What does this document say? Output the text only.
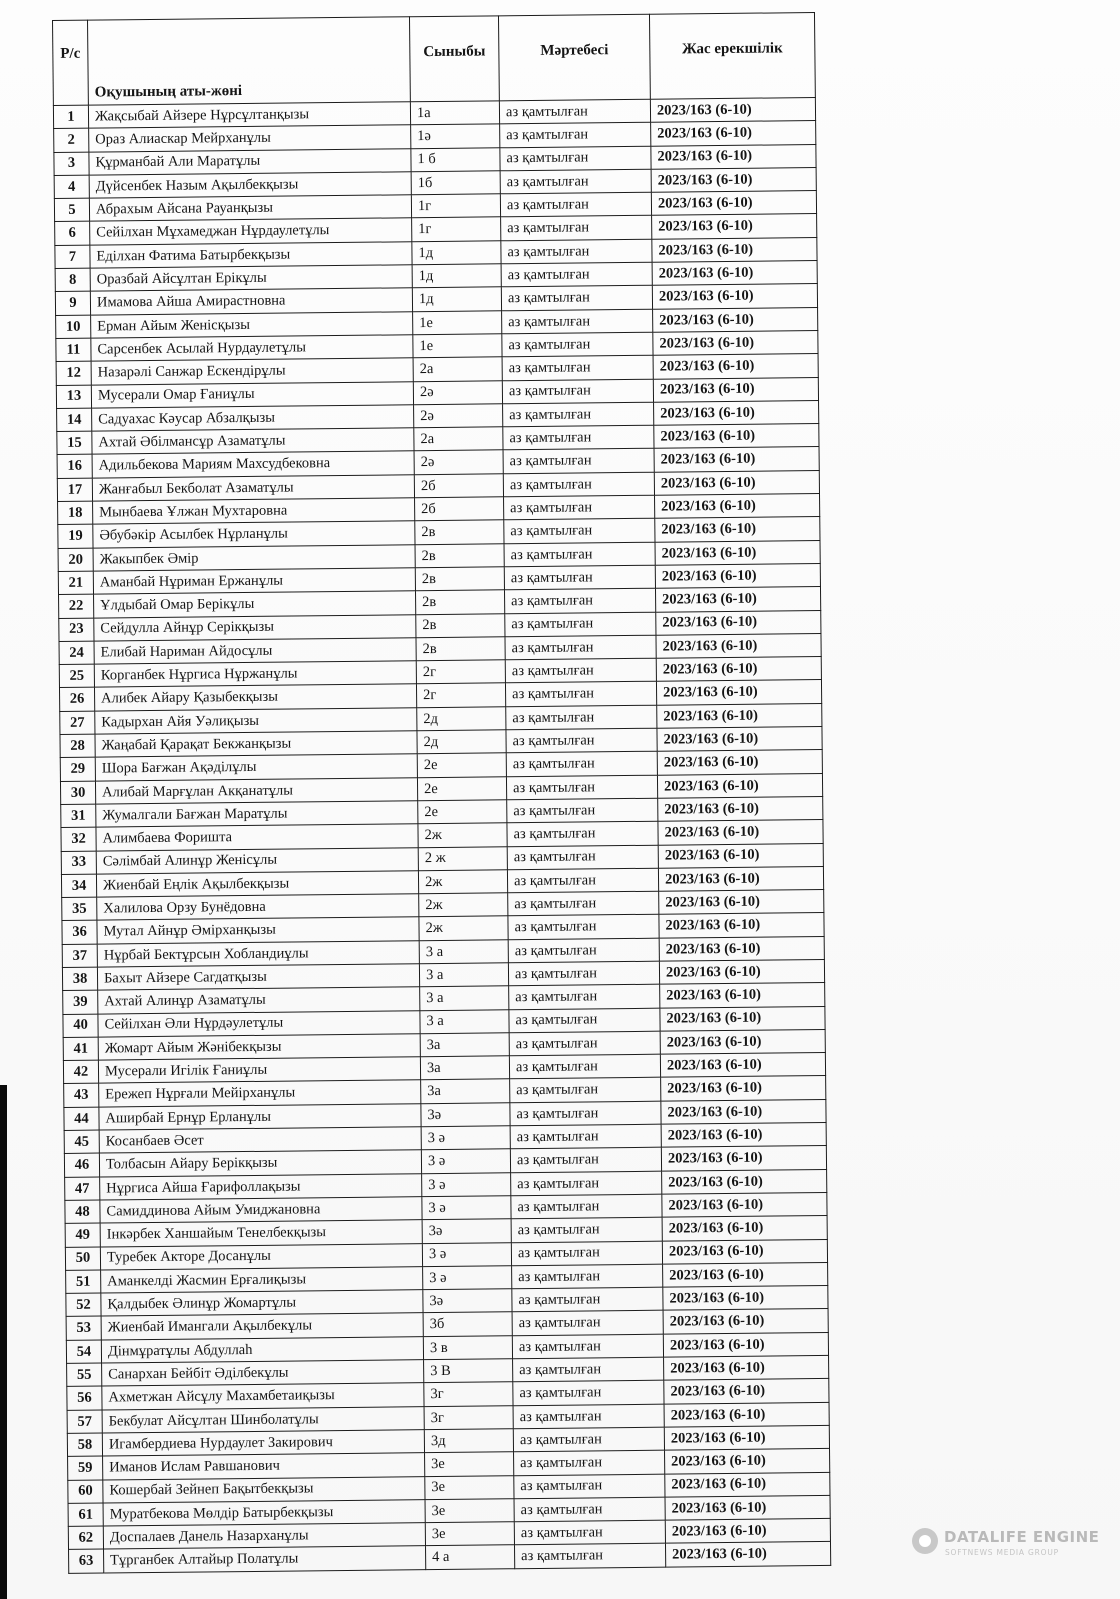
Р/с	Оқушының аты-жөні	Сыныбы	Мәртебесі	Жас ерекшілік
1	Жақсыбай Айзере Нұрсұлтанқызы	1а	аз қамтылған	2023/163 (6-10)
2	Ораз Алиаскар Мейрханұлы	1ә	аз қамтылған	2023/163 (6-10)
3	Құрманбай Али Маратұлы	1 б	аз қамтылған	2023/163 (6-10)
4	Дүйсенбек Назым Ақылбекқызы	1б	аз қамтылған	2023/163 (6-10)
5	Абрахым Айсана Рауанқызы	1г	аз қамтылған	2023/163 (6-10)
6	Сейілхан Мұхамеджан Нұрдаулетұлы	1г	аз қамтылған	2023/163 (6-10)
7	Еділхан Фатима Батырбекқызы	1д	аз қамтылған	2023/163 (6-10)
8	Оразбай Айсұлтан Ерікұлы	1д	аз қамтылған	2023/163 (6-10)
9	Имамова Айша Амирастновна	1д	аз қамтылған	2023/163 (6-10)
10	Ерман Айым Женісқызы	1е	аз қамтылған	2023/163 (6-10)
11	Сарсенбек Асылай Нурдаулетұлы	1е	аз қамтылған	2023/163 (6-10)
12	Назарәлі Санжар Ескендірұлы	2а	аз қамтылған	2023/163 (6-10)
13	Мусерали Омар Ғаниұлы	2ә	аз қамтылған	2023/163 (6-10)
14	Садуахас Кәусар Абзалқызы	2ә	аз қамтылған	2023/163 (6-10)
15	Ахтай Әбілмансұр Азаматұлы	2а	аз қамтылған	2023/163 (6-10)
16	Адильбекова Мариям Махсудбековна	2ә	аз қамтылған	2023/163 (6-10)
17	Жанғабыл Бекболат Азаматұлы	2б	аз қамтылған	2023/163 (6-10)
18	Мынбаева Ұлжан Мухтаровна	2б	аз қамтылған	2023/163 (6-10)
19	Әбубәкір Асылбек Нұрланұлы	2в	аз қамтылған	2023/163 (6-10)
20	Жакыпбек Әмір	2в	аз қамтылған	2023/163 (6-10)
21	Аманбай Нұриман Ержанұлы	2в	аз қамтылған	2023/163 (6-10)
22	Ұлдыбай Омар Берікұлы	2в	аз қамтылған	2023/163 (6-10)
23	Сейдулла Айнұр Серікқызы	2в	аз қамтылған	2023/163 (6-10)
24	Елибай Нариман Айдосұлы	2в	аз қамтылған	2023/163 (6-10)
25	Корганбек Нұргиса Нұржанұлы	2г	аз қамтылған	2023/163 (6-10)
26	Алибек Айару Қазыбекқызы	2г	аз қамтылған	2023/163 (6-10)
27	Кадырхан Айя Уәлиқызы	2д	аз қамтылған	2023/163 (6-10)
28	Жаңабай Қарақат Бекжанқызы	2д	аз қамтылған	2023/163 (6-10)
29	Шора Бағжан Ақәділұлы	2е	аз қамтылған	2023/163 (6-10)
30	Алибай Марғұлан Акқанатұлы	2е	аз қамтылған	2023/163 (6-10)
31	Жумалгали Бағжан Маратұлы	2е	аз қамтылған	2023/163 (6-10)
32	Алимбаева Форишта	2ж	аз қамтылған	2023/163 (6-10)
33	Сәлімбай Алинұр Женісұлы	2 ж	аз қамтылған	2023/163 (6-10)
34	Жиенбай Еңлік Ақылбекқызы	2ж	аз қамтылған	2023/163 (6-10)
35	Халилова Орзу Бунёдовна	2ж	аз қамтылған	2023/163 (6-10)
36	Мутал Айнұр Әмірханқызы	2ж	аз қамтылған	2023/163 (6-10)
37	Нұрбай Бектұрсын Хобландиұлы	3 а	аз қамтылған	2023/163 (6-10)
38	Бахыт Айзере Сагдатқызы	3 а	аз қамтылған	2023/163 (6-10)
39	Ахтай Алинұр Азаматұлы	3 а	аз қамтылған	2023/163 (6-10)
40	Сейілхан Әли Нұрдәулетұлы	3 а	аз қамтылған	2023/163 (6-10)
41	Жомарт Айым Жәнібекқызы	3а	аз қамтылған	2023/163 (6-10)
42	Мусерали Игілік Ғаниұлы	3а	аз қамтылған	2023/163 (6-10)
43	Ережеп Нұрғали Мейірханұлы	3а	аз қамтылған	2023/163 (6-10)
44	Аширбай Ернұр Ерланұлы	3ә	аз қамтылған	2023/163 (6-10)
45	Косанбаев Әсет	3 ә	аз қамтылған	2023/163 (6-10)
46	Толбасын Айару Берікқызы	3 ә	аз қамтылған	2023/163 (6-10)
47	Нұргиса Айша Ғарифоллақызы	3 ә	аз қамтылған	2023/163 (6-10)
48	Самиддинова Айым Умиджановна	3 ә	аз қамтылған	2023/163 (6-10)
49	Інкәрбек Ханшайым Тенелбекқызы	3ә	аз қамтылған	2023/163 (6-10)
50	Туребек Акторе Досанұлы	3 ә	аз қамтылған	2023/163 (6-10)
51	Аманкелді Жасмин Ерғалиқызы	3 ә	аз қамтылған	2023/163 (6-10)
52	Қалдыбек Әлинұр Жомартұлы	3ә	аз қамтылған	2023/163 (6-10)
53	Жиенбай Имангали Ақылбекұлы	3б	аз қамтылған	2023/163 (6-10)
54	Дінмұратұлы Абдуллаһ	3 в	аз қамтылған	2023/163 (6-10)
55	Санархан Бейбіт Әділбекұлы	3 В	аз қамтылған	2023/163 (6-10)
56	Ахметжан Айсұлу Махамбетаиқызы	3г	аз қамтылған	2023/163 (6-10)
57	Бекбулат Айсұлтан Шинболатұлы	3г	аз қамтылған	2023/163 (6-10)
58	Игамбердиева Нурдаулет Закирович	3д	аз қамтылған	2023/163 (6-10)
59	Иманов Ислам Равшанович	3е	аз қамтылған	2023/163 (6-10)
60	Кошербай Зейнеп Бақытбекқызы	3е	аз қамтылған	2023/163 (6-10)
61	Муратбекова Мөлдір Батырбекқызы	3е	аз қамтылған	2023/163 (6-10)
62	Доспалаев Данель Назарханұлы	3е	аз қамтылған	2023/163 (6-10)
63	Тұрганбек Алтайыр Полатұлы	4 а	аз қамтылған	2023/163 (6-10)
DATALIFE ENGINE
SOFTNEWS MEDIA GROUP
